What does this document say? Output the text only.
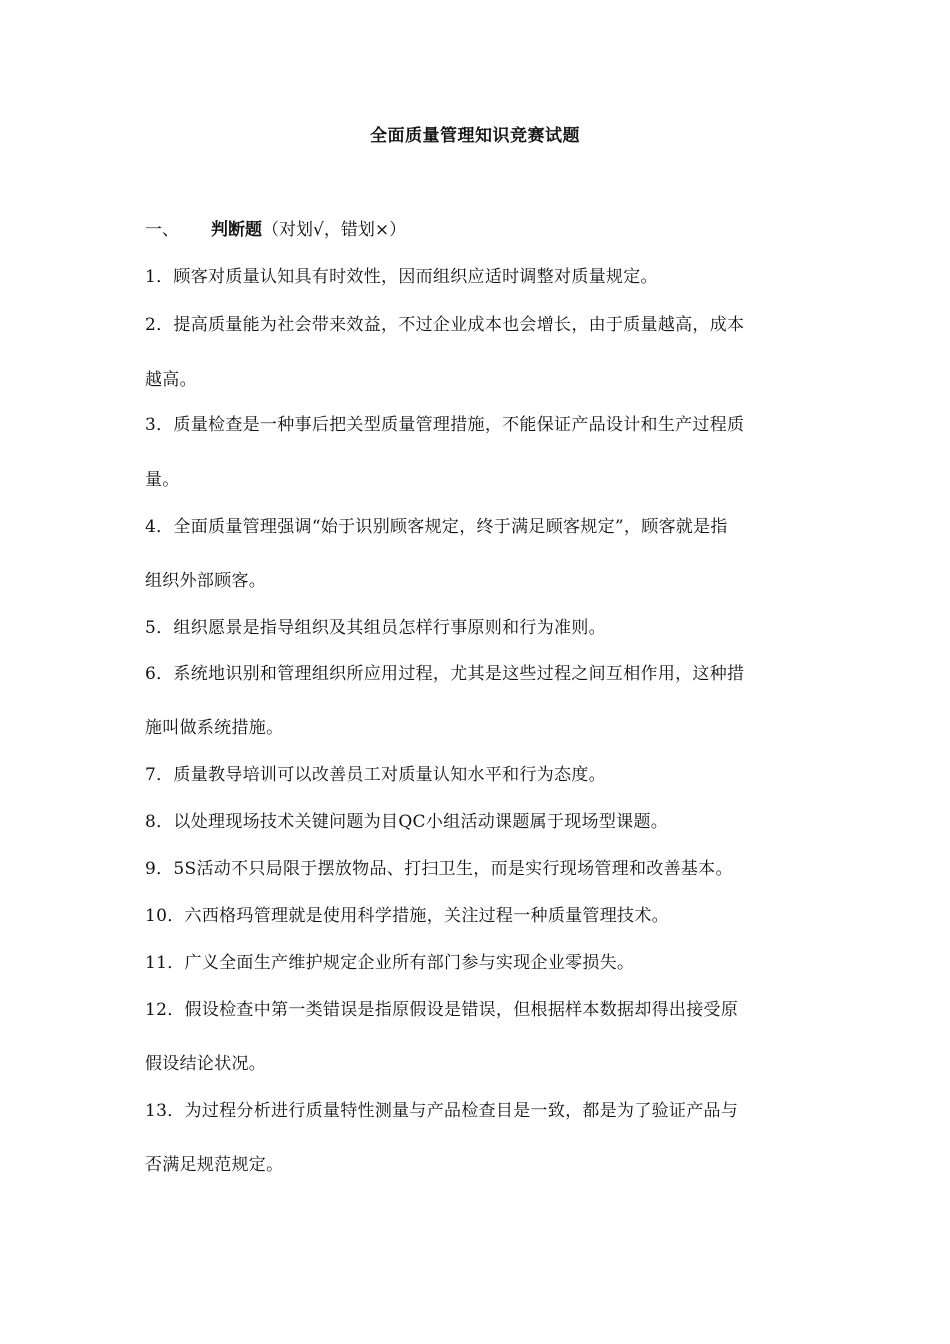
全面质量管理知识竞赛试题
一、 判断题（对划√，错划×）
1．顾客对质量认知具有时效性，因而组织应适时调整对质量规定。
2．提高质量能为社会带来效益，不过企业成本也会增长，由于质量越高，成本
越高。
3．质量检查是一种事后把关型质量管理措施，不能保证产品设计和生产过程质
量。
4．全面质量管理强调“始于识别顾客规定，终于满足顾客规定”，顾客就是指
组织外部顾客。
5．组织愿景是指导组织及其组员怎样行事原则和行为准则。
6．系统地识别和管理组织所应用过程，尤其是这些过程之间互相作用，这种措
施叫做系统措施。
7．质量教导培训可以改善员工对质量认知水平和行为态度。
8．以处理现场技术关键问题为目QC小组活动课题属于现场型课题。
9．5S活动不只局限于摆放物品、打扫卫生，而是实行现场管理和改善基本。
10．六西格玛管理就是使用科学措施，关注过程一种质量管理技术。
11．广义全面生产维护规定企业所有部门参与实现企业零损失。
12．假设检查中第一类错误是指原假设是错误，但根据样本数据却得出接受原
假设结论状况。
13．为过程分析进行质量特性测量与产品检查目是一致，都是为了验证产品与
否满足规范规定。
